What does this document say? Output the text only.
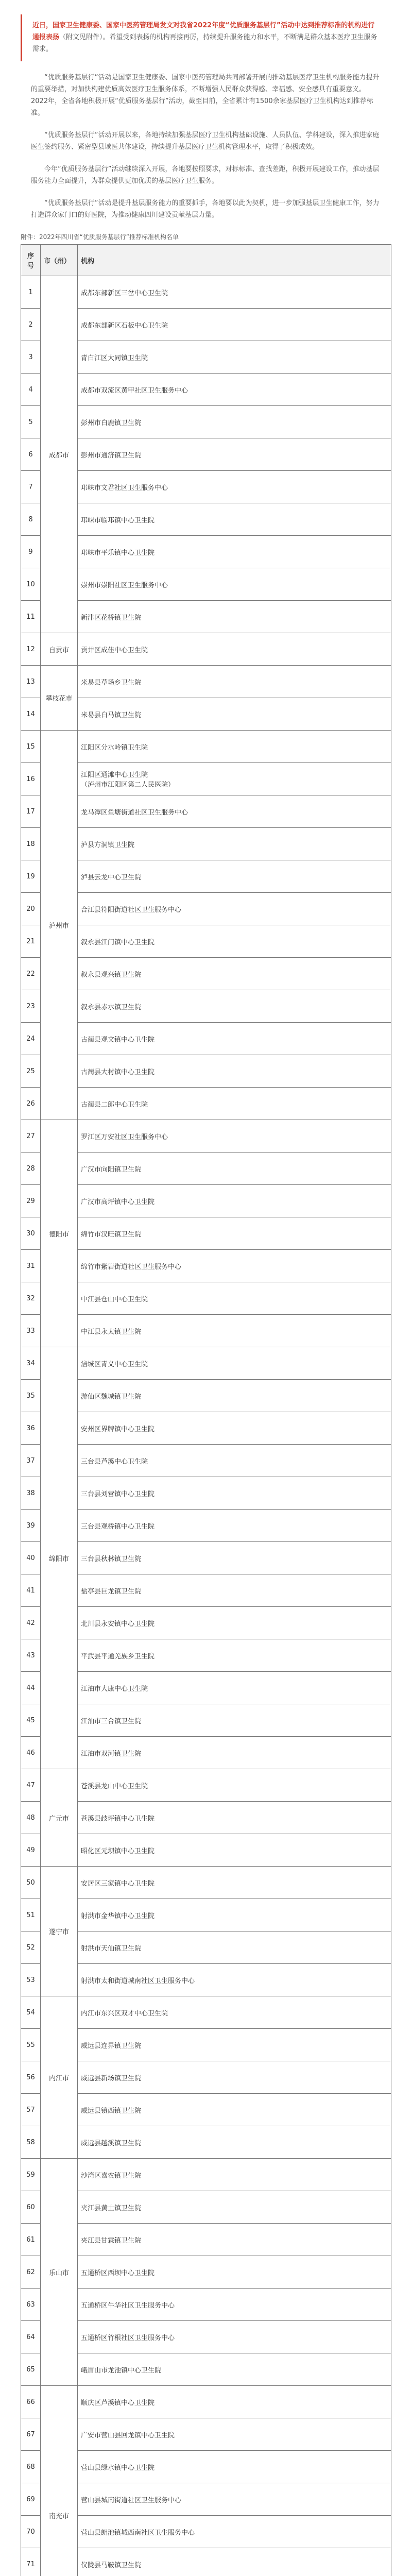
近日，国家卫生健康委、国家中医药管理局发文对我省2022年度“优质服务基层行”活动中达到推荐标准的机构进行通报表扬（附文见附件）。希望受到表扬的机构再接再厉，持续提升服务能力和水平，不断满足群众基本医疗卫生服务需求。

“优质服务基层行”活动是国家卫生健康委、国家中医药管理局共同部署开展的推动基层医疗卫生机构服务能力提升的重要举措，对加快构建优质高效医疗卫生服务体系，不断增强人民群众获得感、幸福感、安全感具有重要意义。2022年，全省各地积极开展“优质服务基层行”活动，截至目前，全省累计有1500余家基层医疗卫生机构达到推荐标准。

“优质服务基层行”活动开展以来，各地持续加强基层医疗卫生机构基础设施、人员队伍、学科建设，深入推进家庭医生签约服务、紧密型县域医共体建设，持续提升基层医疗卫生机构管理水平，取得了积极成效。

今年“优质服务基层行”活动继续深入开展，各地要按照要求，对标标准、查找差距，积极开展建设工作，推动基层服务能力全面提升，为群众提供更加优质的基层医疗卫生服务。

“优质服务基层行”活动是提升基层服务能力的重要抓手，各地要以此为契机，进一步加强基层卫生健康工作，努力打造群众家门口的好医院，为推动健康四川建设贡献基层力量。

附件：2022年四川省“优质服务基层行”推荐标准机构名单
序号	市（州）	机构
1	成都市	成都东部新区三岔中心卫生院

2		成都东部新区石板中心卫生院

3		青白江区大同镇卫生院

4		成都市双流区黄甲社区卫生服务中心

5		彭州市白鹿镇卫生院

6		彭州市通济镇卫生院

7		邛崃市文君社区卫生服务中心

8		邛崃市临邛镇中心卫生院

9		邛崃市平乐镇中心卫生院

10		崇州市崇阳社区卫生服务中心

11		新津区花桥镇卫生院

12	自贡市	贡井区成佳中心卫生院

13	攀枝花市	米易县草场乡卫生院

14		米易县白马镇卫生院

15	泸州市	江阳区分水岭镇卫生院

16		江阳区通滩中心卫生院
（泸州市江阳区第二人民医院）

17		龙马潭区鱼塘街道社区卫生服务中心

18		泸县方洞镇卫生院

19		泸县云龙中心卫生院

20		合江县符阳街道社区卫生服务中心

21		叙永县江门镇中心卫生院

22		叙永县观兴镇卫生院

23		叙永县赤水镇卫生院

24		古蔺县观文镇中心卫生院

25		古蔺县大村镇中心卫生院

26		古蔺县二郎中心卫生院

27	德阳市	罗江区万安社区卫生服务中心

28		广汉市向阳镇卫生院

29		广汉市高坪镇中心卫生院

30		绵竹市汉旺镇卫生院

31		绵竹市紫岩街道社区卫生服务中心

32		中江县仓山中心卫生院

33		中江县永太镇卫生院

34	绵阳市	涪城区青义中心卫生院

35		游仙区魏城镇卫生院

36		安州区界牌镇中心卫生院

37		三台县芦溪中心卫生院

38		三台县刘营镇中心卫生院

39		三台县观桥镇中心卫生院

40		三台县秋林镇卫生院

41		盐亭县巨龙镇卫生院

42		北川县永安镇中心卫生院

43		平武县平通羌族乡卫生院

44		江油市大康中心卫生院

45		江油市三合镇卫生院

46		江油市双河镇卫生院

47	广元市	苍溪县龙山中心卫生院

48		苍溪县歧坪镇中心卫生院

49		昭化区元坝镇中心卫生院

50	遂宁市	安居区三家镇中心卫生院

51		射洪市金华镇中心卫生院

52		射洪市天仙镇卫生院

53		射洪市太和街道城南社区卫生服务中心

54	内江市	内江市东兴区双才中心卫生院

55		威远县连界镇卫生院

56		威远县新场镇卫生院

57		威远县镇西镇卫生院

58		威远县越溪镇卫生院

59	乐山市	沙湾区嘉农镇卫生院

60		夹江县黄土镇卫生院

61		夹江县甘霖镇卫生院

62		五通桥区西坝中心卫生院

63		五通桥区牛华社区卫生服务中心

64		五通桥区竹根社区卫生服务中心

65		峨眉山市龙池镇中心卫生院

66	南充市	顺庆区芦溪镇中心卫生院

67		广安市营山县回龙镇中心卫生院

68		营山县绿水镇中心卫生院

69		营山县城南街道社区卫生服务中心

70		营山县朗池镇城西南社区卫生服务中心

71		仪陇县马鞍镇卫生院
